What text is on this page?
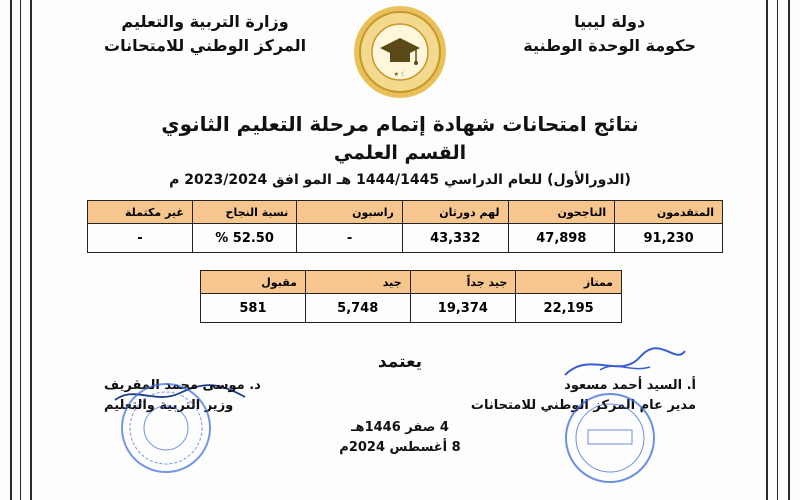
دولة ليبيا
حكومة الوحدة الوطنية
وزارة التربية والتعليم
المركز الوطني للامتحانات
★ ☾
نتائج امتحانات شهادة إتمام مرحلة التعليم الثانوي
القسم العلمي
(الدورالأول) للعام الدراسي 1444/1445 هـ المو افق 2023/2024 م
المتقدمون	الناجحون	لهم دورثان	راسبون	نسبة النجاح	غير مكتملة
91,230	47,898	43,332	-	% 52.50	-
ممتاز	جيد جداً	جيد	مقبول
22,195	19,374	5,748	581
يعتمد
أ. السيد أحمد مسعود
مدير عام المركز الوطني للامتحانات
د. موسى محمد المقريف
وزير التربية والتعليم
4 صفر 1446هـ
8 أغسطس 2024م
